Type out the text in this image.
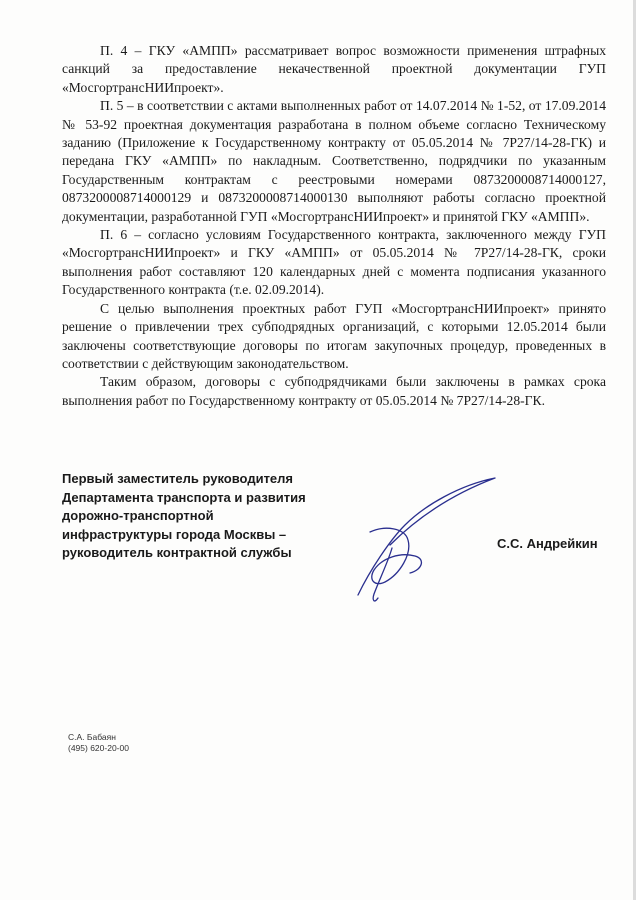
П. 4 – ГКУ «АМПП» рассматривает вопрос возможности применения штрафных санкций за предоставление некачественной проектной документации ГУП «МосгортрансНИИпроект».

П. 5 – в соответствии с актами выполненных работ от 14.07.2014 № 1-52, от 17.09.2014 № 53-92 проектная документация разработана в полном объеме согласно Техническому заданию (Приложение к Государственному контракту от 05.05.2014 № 7Р27/14-28-ГК) и передана ГКУ «АМПП» по накладным. Соответственно, подрядчики по указанным Государственным контрактам с реестровыми номерами 0873200008714000127, 0873200008714000129 и 0873200008714000130 выполняют работы согласно проектной документации, разработанной ГУП «МосгортрансНИИпроект» и принятой ГКУ «АМПП».

П. 6 – согласно условиям Государственного контракта, заключенного между ГУП «МосгортрансНИИпроект» и ГКУ «АМПП» от 05.05.2014 № 7Р27/14-28-ГК, сроки выполнения работ составляют 120 календарных дней с момента подписания указанного Государственного контракта (т.е. 02.09.2014).

С целью выполнения проектных работ ГУП «МосгортрансНИИпроект» принято решение о привлечении трех субподрядных организаций, с которыми 12.05.2014 были заключены соответствующие договоры по итогам закупочных процедур, проведенных в соответствии с действующим законодательством.

Таким образом, договоры с субподрядчиками были заключены в рамках срока выполнения работ по Государственному контракту от 05.05.2014 № 7Р27/14-28-ГК.

Первый заместитель руководителя Департамента транспорта и развития дорожно-транспортной инфраструктуры города Москвы – руководитель контрактной службы
С.С. Андрейкин
С.А. Бабаян
(495) 620-20-00
